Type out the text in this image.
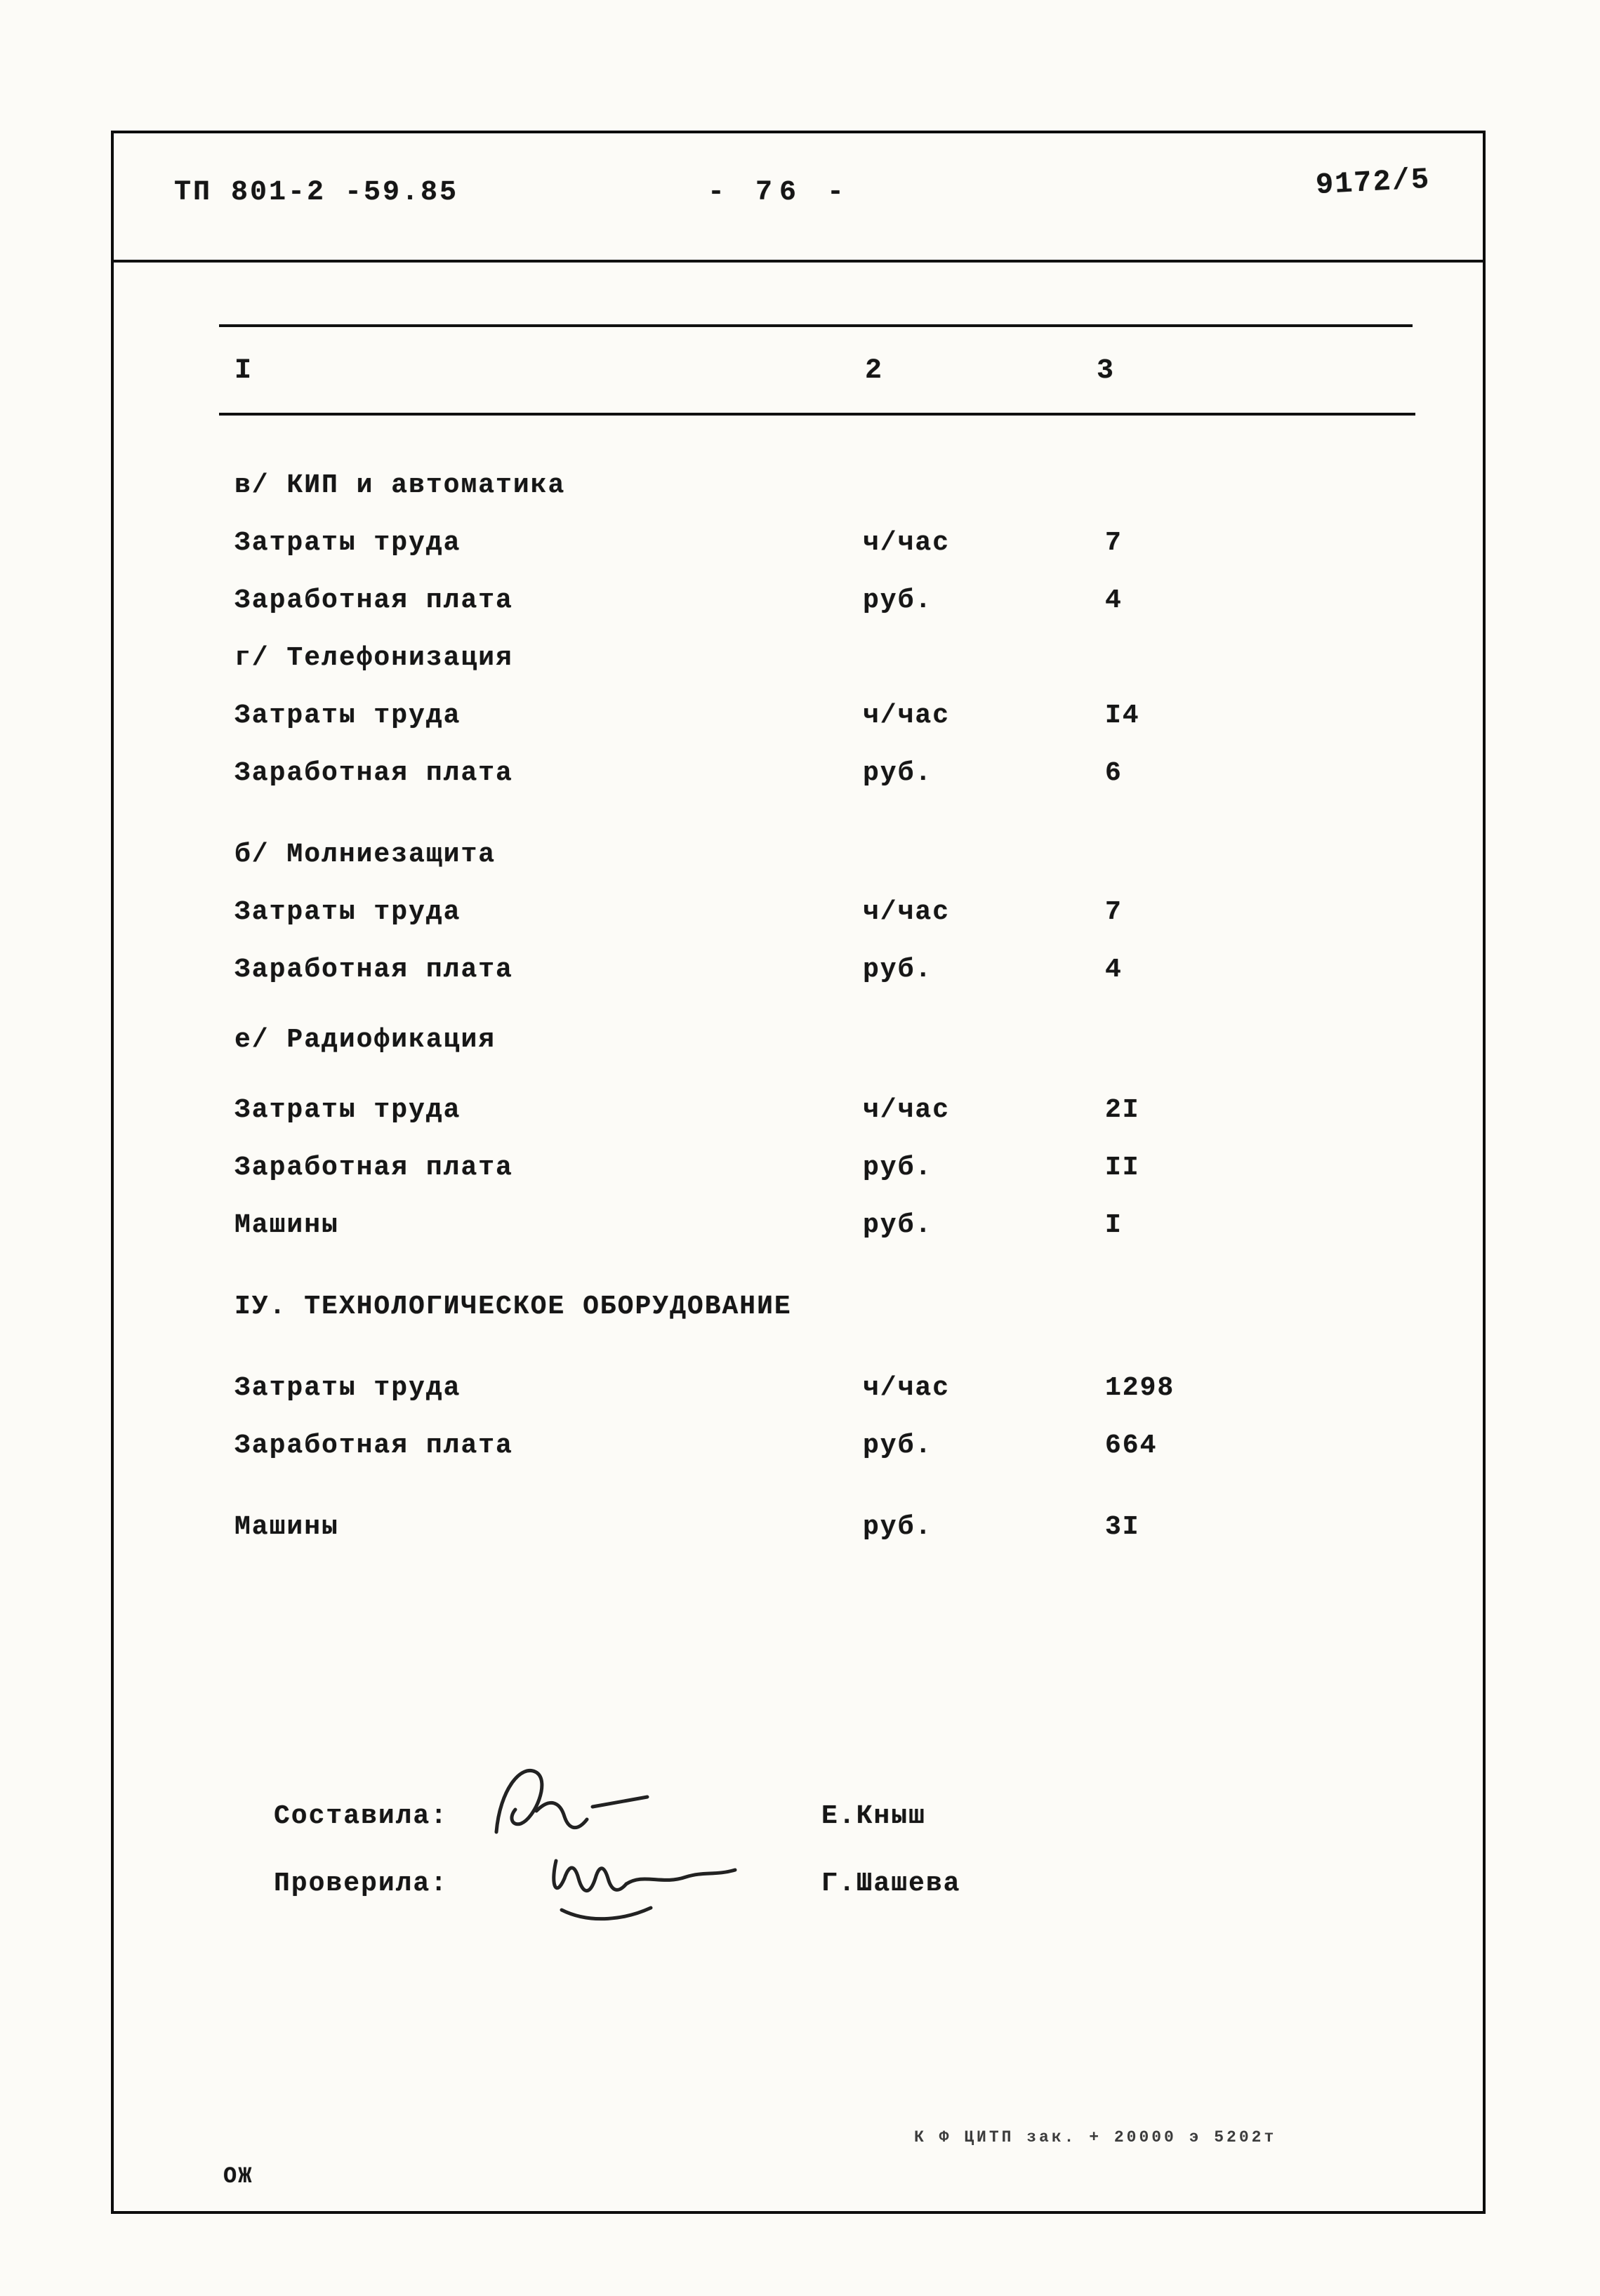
ТП 801-2 -59.85	- 76 -	9172/5
I	2	3
в/ КИП и автоматика
Затраты труда	ч/час	7
Заработная плата	руб.	4
г/ Телефонизация
Затраты труда	ч/час	I4
Заработная плата	руб.	6
б/ Молниезащита
Затраты труда	ч/час	7
Заработная плата	руб.	4
е/ Радиофикация
Затраты труда	ч/час	2I
Заработная плата	руб.	II
Машины	руб.	I
IУ. ТЕХНОЛОГИЧЕСКОЕ ОБОРУДОВАНИЕ
Затраты труда	ч/час	1298
Заработная плата	руб.	664
Машины	руб.	3I
Составила:	Е.Кныш
Проверила:	Г.Шашева
К Ф ЦИТП зак. + 20000 э 5202т
ОЖ
